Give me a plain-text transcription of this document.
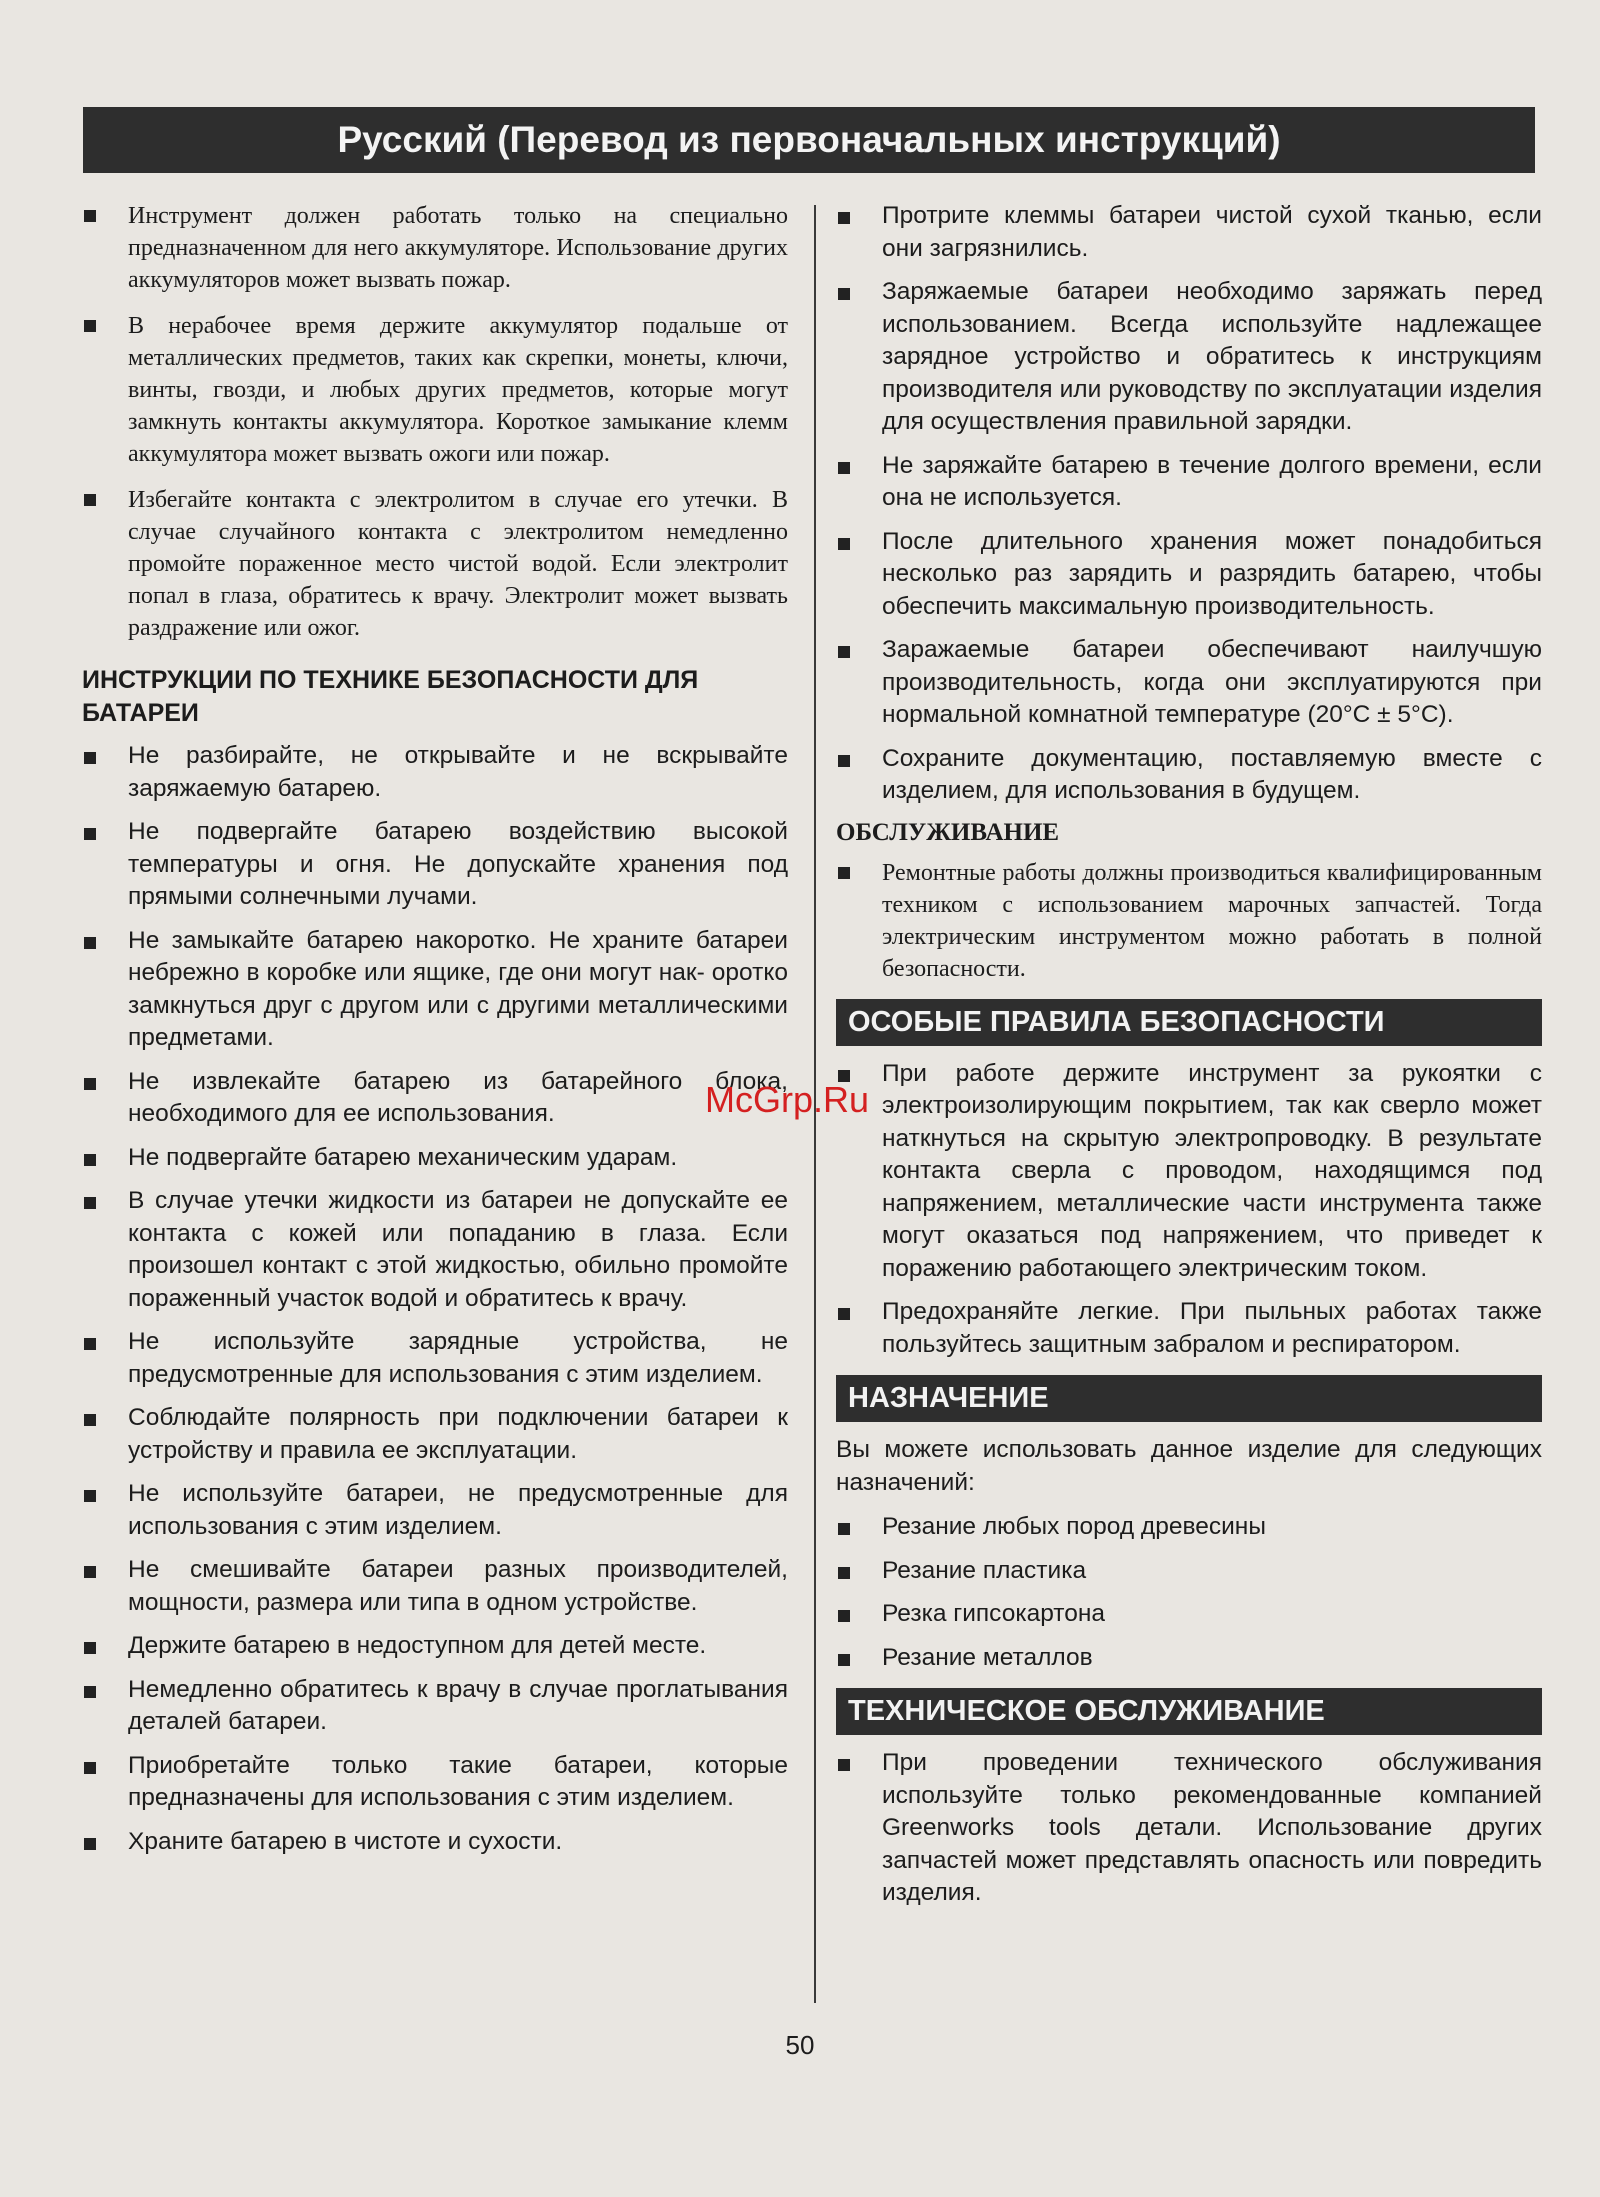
Русский (Перевод из первоначальных инструкций)
Инструмент должен работать только на специально предназначенном для него аккумуляторе. Использование других аккумуляторов может вызвать пожар.
В нерабочее время держите аккумулятор подальше от металлических предметов, таких как скрепки, монеты, ключи, винты, гвозди, и любых других предметов, которые могут замкнуть контакты аккумулятора. Короткое замыкание клемм аккумулятора может вызвать ожоги или пожар.
Избегайте контакта с электролитом в случае его утечки. В случае случайного контакта с электролитом немедленно промойте пораженное место чистой водой. Если электролит попал в глаза, обратитесь к врачу. Электролит может вызвать раздражение или ожог.
ИНСТРУКЦИИ ПО ТЕХНИКЕ БЕЗОПАСНОСТИ ДЛЯ БАТАРЕИ
Не разбирайте, не открывайте и не вскрывайте заряжаемую батарею.
Не подвергайте батарею воздействию высокой температуры и огня. Не допускайте хранения под прямыми солнечными лучами.
Не замыкайте батарею накоротко. Не храните батареи небрежно в коробке или ящике, где они могут нак- оротко замкнуться друг с другом или с другими металлическими предметами.
Не извлекайте батарею из батарейного блока, необходимого для ее использования.
Не подвергайте батарею механическим ударам.
В случае утечки жидкости из батареи не допускайте ее контакта с кожей или попаданию в глаза. Если произошел контакт с этой жидкостью, обильно промойте пораженный участок водой и обратитесь к врачу.
Не используйте зарядные устройства, не предусмотренные для использования с этим изделием.
Соблюдайте полярность при подключении батареи к устройству и правила ее эксплуатации.
Не используйте батареи, не предусмотренные для использования с этим изделием.
Не смешивайте батареи разных производителей, мощности, размера или типа в одном устройстве.
Держите батарею в недоступном для детей месте.
Немедленно обратитесь к врачу в случае проглатывания деталей батареи.
Приобретайте только такие батареи, которые предназначены для использования с этим изделием.
Храните батарею в чистоте и сухости.
Протрите клеммы батареи чистой сухой тканью, если они загрязнились.
Заряжаемые батареи необходимо заряжать перед использованием. Всегда используйте надлежащее зарядное устройство и обратитесь к инструкциям производителя или руководству по эксплуатации изделия для осуществления правильной зарядки.
Не заряжайте батарею в течение долгого времени, если она не используется.
После длительного хранения может понадобиться несколько раз зарядить и разрядить батарею, чтобы обеспечить максимальную производительность.
Заражаемые батареи обеспечивают наилучшую производительность, когда они эксплуатируются при нормальной комнатной температуре (20°C ± 5°C).
Сохраните документацию, поставляемую вместе с изделием, для использования в будущем.
ОБСЛУЖИВАНИЕ
Ремонтные работы должны производиться квалифицированным техником с использованием марочных запчастей. Тогда электрическим инструментом можно работать в полной безопасности.
ОСОБЫЕ ПРАВИЛА БЕЗОПАСНОСТИ
При работе держите инструмент за рукоятки с электроизолирующим покрытием, так как сверло может наткнуться на скрытую электропроводку. В результате контакта сверла с проводом, находящимся под напряжением, металлические части инструмента также могут оказаться под напряжением, что приведет к поражению работающего электрическим током.
Предохраняйте легкие. При пыльных работах также пользуйтесь защитным забралом и респиратором.
НАЗНАЧЕНИЕ
Вы можете использовать данное изделие для следующих назначений:
Резание любых пород древесины
Резание пластика
Резка гипсокартона
Резание металлов
ТЕХНИЧЕСКОЕ ОБСЛУЖИВАНИЕ
При проведении технического обслуживания используйте только рекомендованные компанией Greenworks tools детали. Использование других запчастей может представлять опасность или повредить изделия.
McGrp.Ru
50
